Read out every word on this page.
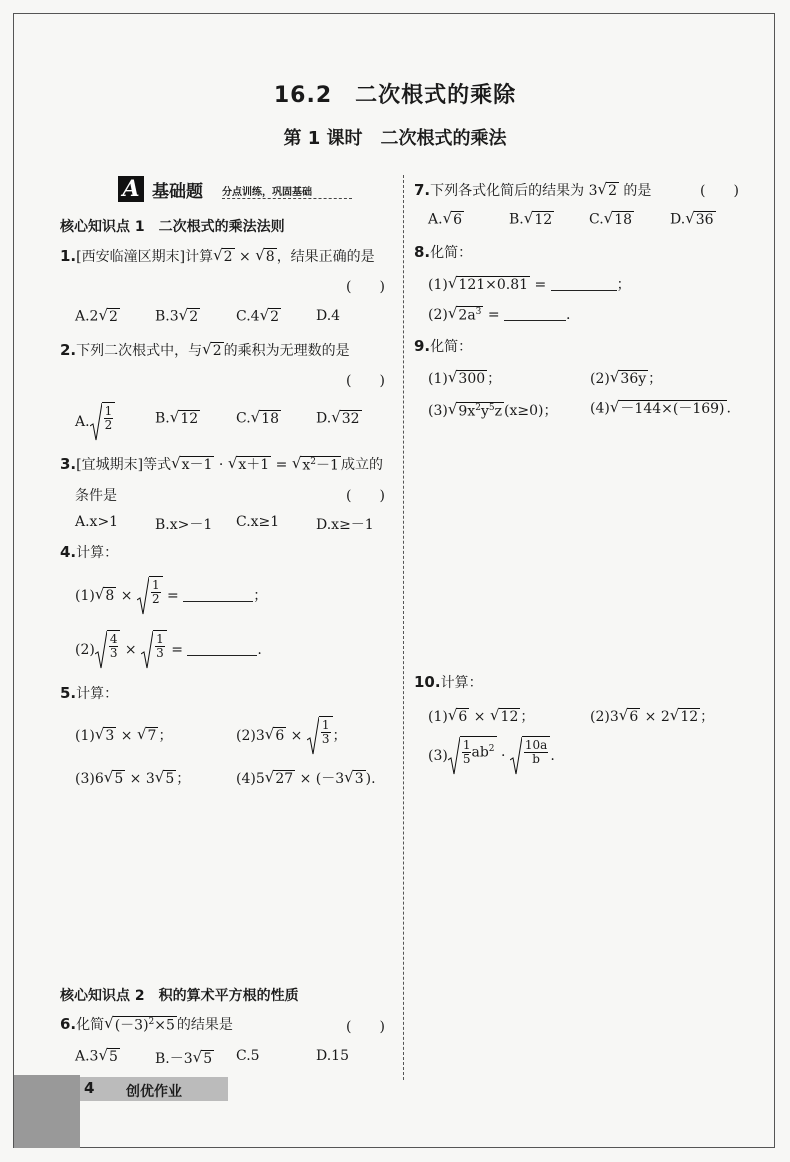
16.2　二次根式的乘除
第 1 课时　二次根式的乘法
A 基础题 分点训练，巩固基础
核心知识点 1　二次根式的乘法法则
1.[西安临潼区期末]计算 √ 2 × √ 8 ，结果正确的是
(　　)
A.2 √ 2	B.3 √ 2	C.4 √ 2	D.4
2.下列二次根式中，与 √ 2 的乘积为无理数的是
(　　)
A. $\frac{1}{2}$	B. √ 12	C. √ 18	D. √ 32
3.[宜城期末]等式 √ x－1 · √ x＋1 = √ $x^2-1$ 成立的
条件是	(　　)
A.x>1	B.x>－1 C.x≥1	D.x≥－1
4.计算：
(1) √ $8 \times \frac{1}{2}$ =	；
$(2) \frac{4}{3} \times \frac{1}{3}$ =	.
5.计算：
(1) √ 3 × √ 7 ；	(2)3 √ $6 \times \frac{1}{3}$ ；
(3)6 √ 5 × 3 √ 5 ；	(4)5 √ 27 × (－3 √ 3 ).
核心知识点 2　积的算术平方根的性质
6.化简 √ $(-3)^2\times 5$ 的结果是	(　　)
A.3 √ 5	B.－3 √ 5 C.5	D.15
7.下列各式化简后的结果为 3 √ 2 的是	(　　)
A. √ 6	B. √ 12	C. √ 18	D. √ 36
8.化简：
(1) √ 121×0.81 =	；
(2) √ $2a^3$ =	.
9.化简：
(1) √ 300 ；	(2) √ 36y ；
(3) √ $9x^2y^5z$ (x≥0)； (4) √ －144×(－169) .
10.计算：
(1) √ 6 × √ 12 ；	(2)3 √ 6 × 2 √ 12 ；
$(3) \frac{1}{5} ab^2 \cdot \frac{10a}{b}$ .
4 创优作业
